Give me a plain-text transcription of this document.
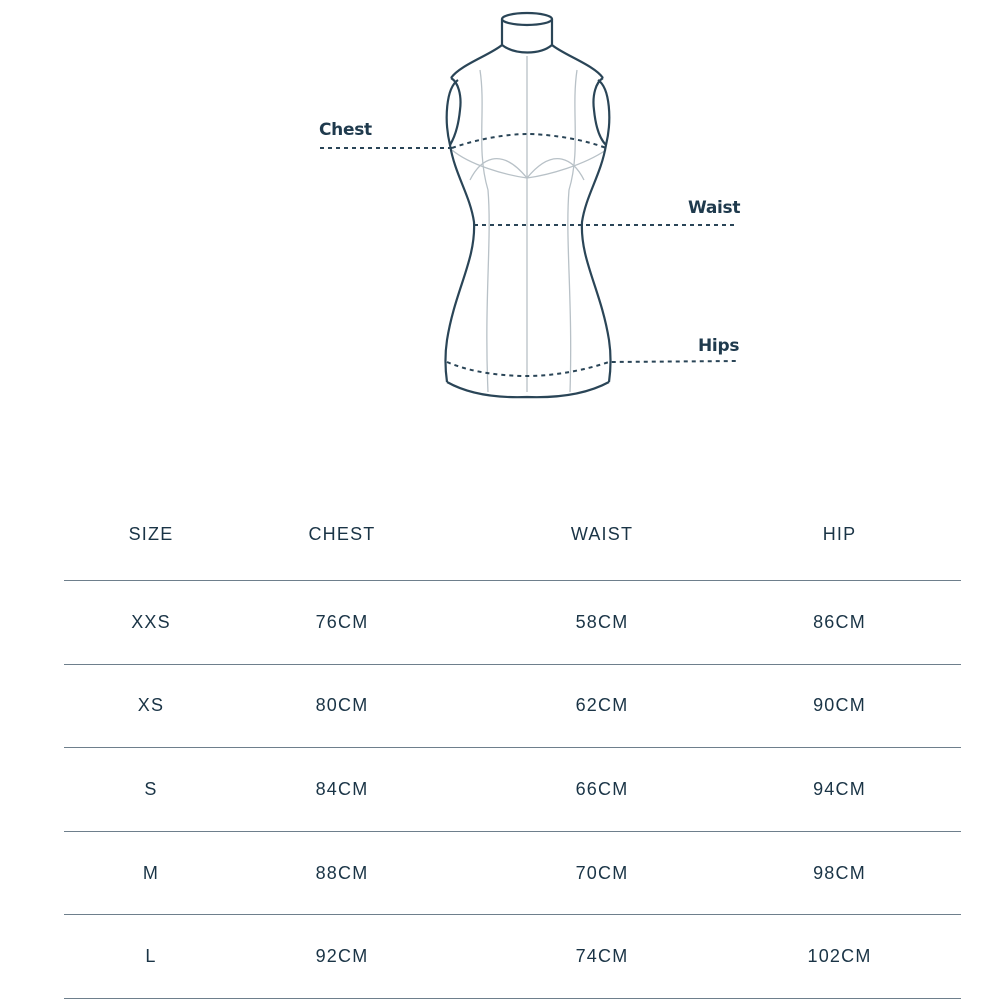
Chest
Waist
Hips
SIZE	CHEST	WAIST	HIP
XXS	76CM	58CM	86CM
XS	80CM	62CM	90CM
S	84CM	66CM	94CM
M	88CM	70CM	98CM
L	92CM	74CM	102CM
